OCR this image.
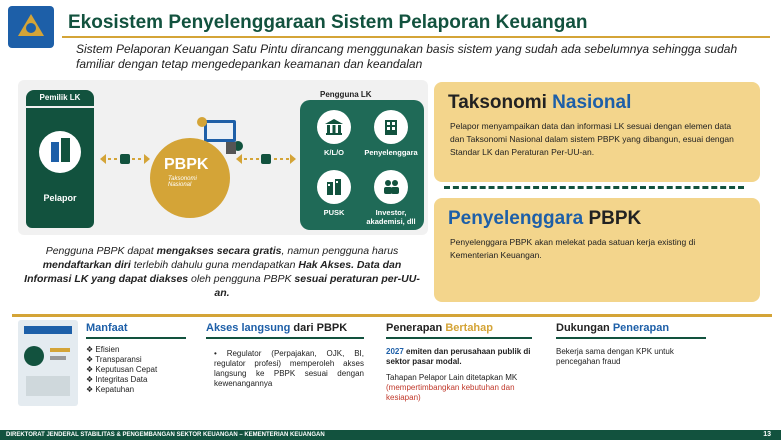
Ekosistem Penyelenggaraan Sistem Pelaporan Keuangan
Sistem Pelaporan Keuangan Satu Pintu dirancang menggunakan basis sistem yang sudah ada sebelumnya sehingga sudah familiar dengan tetap mengedepankan keamanan dan keandalan
Pemilik LK
Pelapor
PBPK
Taksonomi Nasional
Pengguna LK
K/L/O	Penyelenggara
PUSK	Investor, akademisi, dll
Pengguna PBPK dapat mengakses secara gratis, namun pengguna harus mendaftarkan diri terlebih dahulu guna mendapatkan Hak Akses. Data dan Informasi LK yang dapat diakses oleh pengguna PBPK sesuai peraturan per-UU-an.
Taksonomi Nasional

Pelapor menyampaikan data dan informasi LK sesuai dengan elemen data dan Taksonomi Nasional dalam sistem PBPK yang dibangun, esuai dengan Standar LK dan Peraturan Per-UU-an.

Penyelenggara PBPK

Penyelenggara PBPK akan melekat pada satuan kerja existing di Kementerian Keuangan.

Manfaat
❖ Efisien
❖ Transparansi
❖ Keputusan Cepat
❖ Integritas Data
❖ Kepatuhan
Akses langsung dari PBPK
• Regulator (Perpajakan, OJK, BI, regulator profesi) memperoleh akses langsung ke PBPK sesuai dengan kewenangannya
Penerapan Bertahap
2027 emiten dan perusahaan publik di sektor pasar modal.
Tahapan Pelapor Lain ditetapkan MK (mempertimbangkan kebutuhan dan kesiapan)
Dukungan Penerapan
Bekerja sama dengan KPK untuk pencegahan fraud
DIREKTORAT JENDERAL STABILITAS & PENGEMBANGAN SEKTOR KEUANGAN – KEMENTERIAN KEUANGAN	13
